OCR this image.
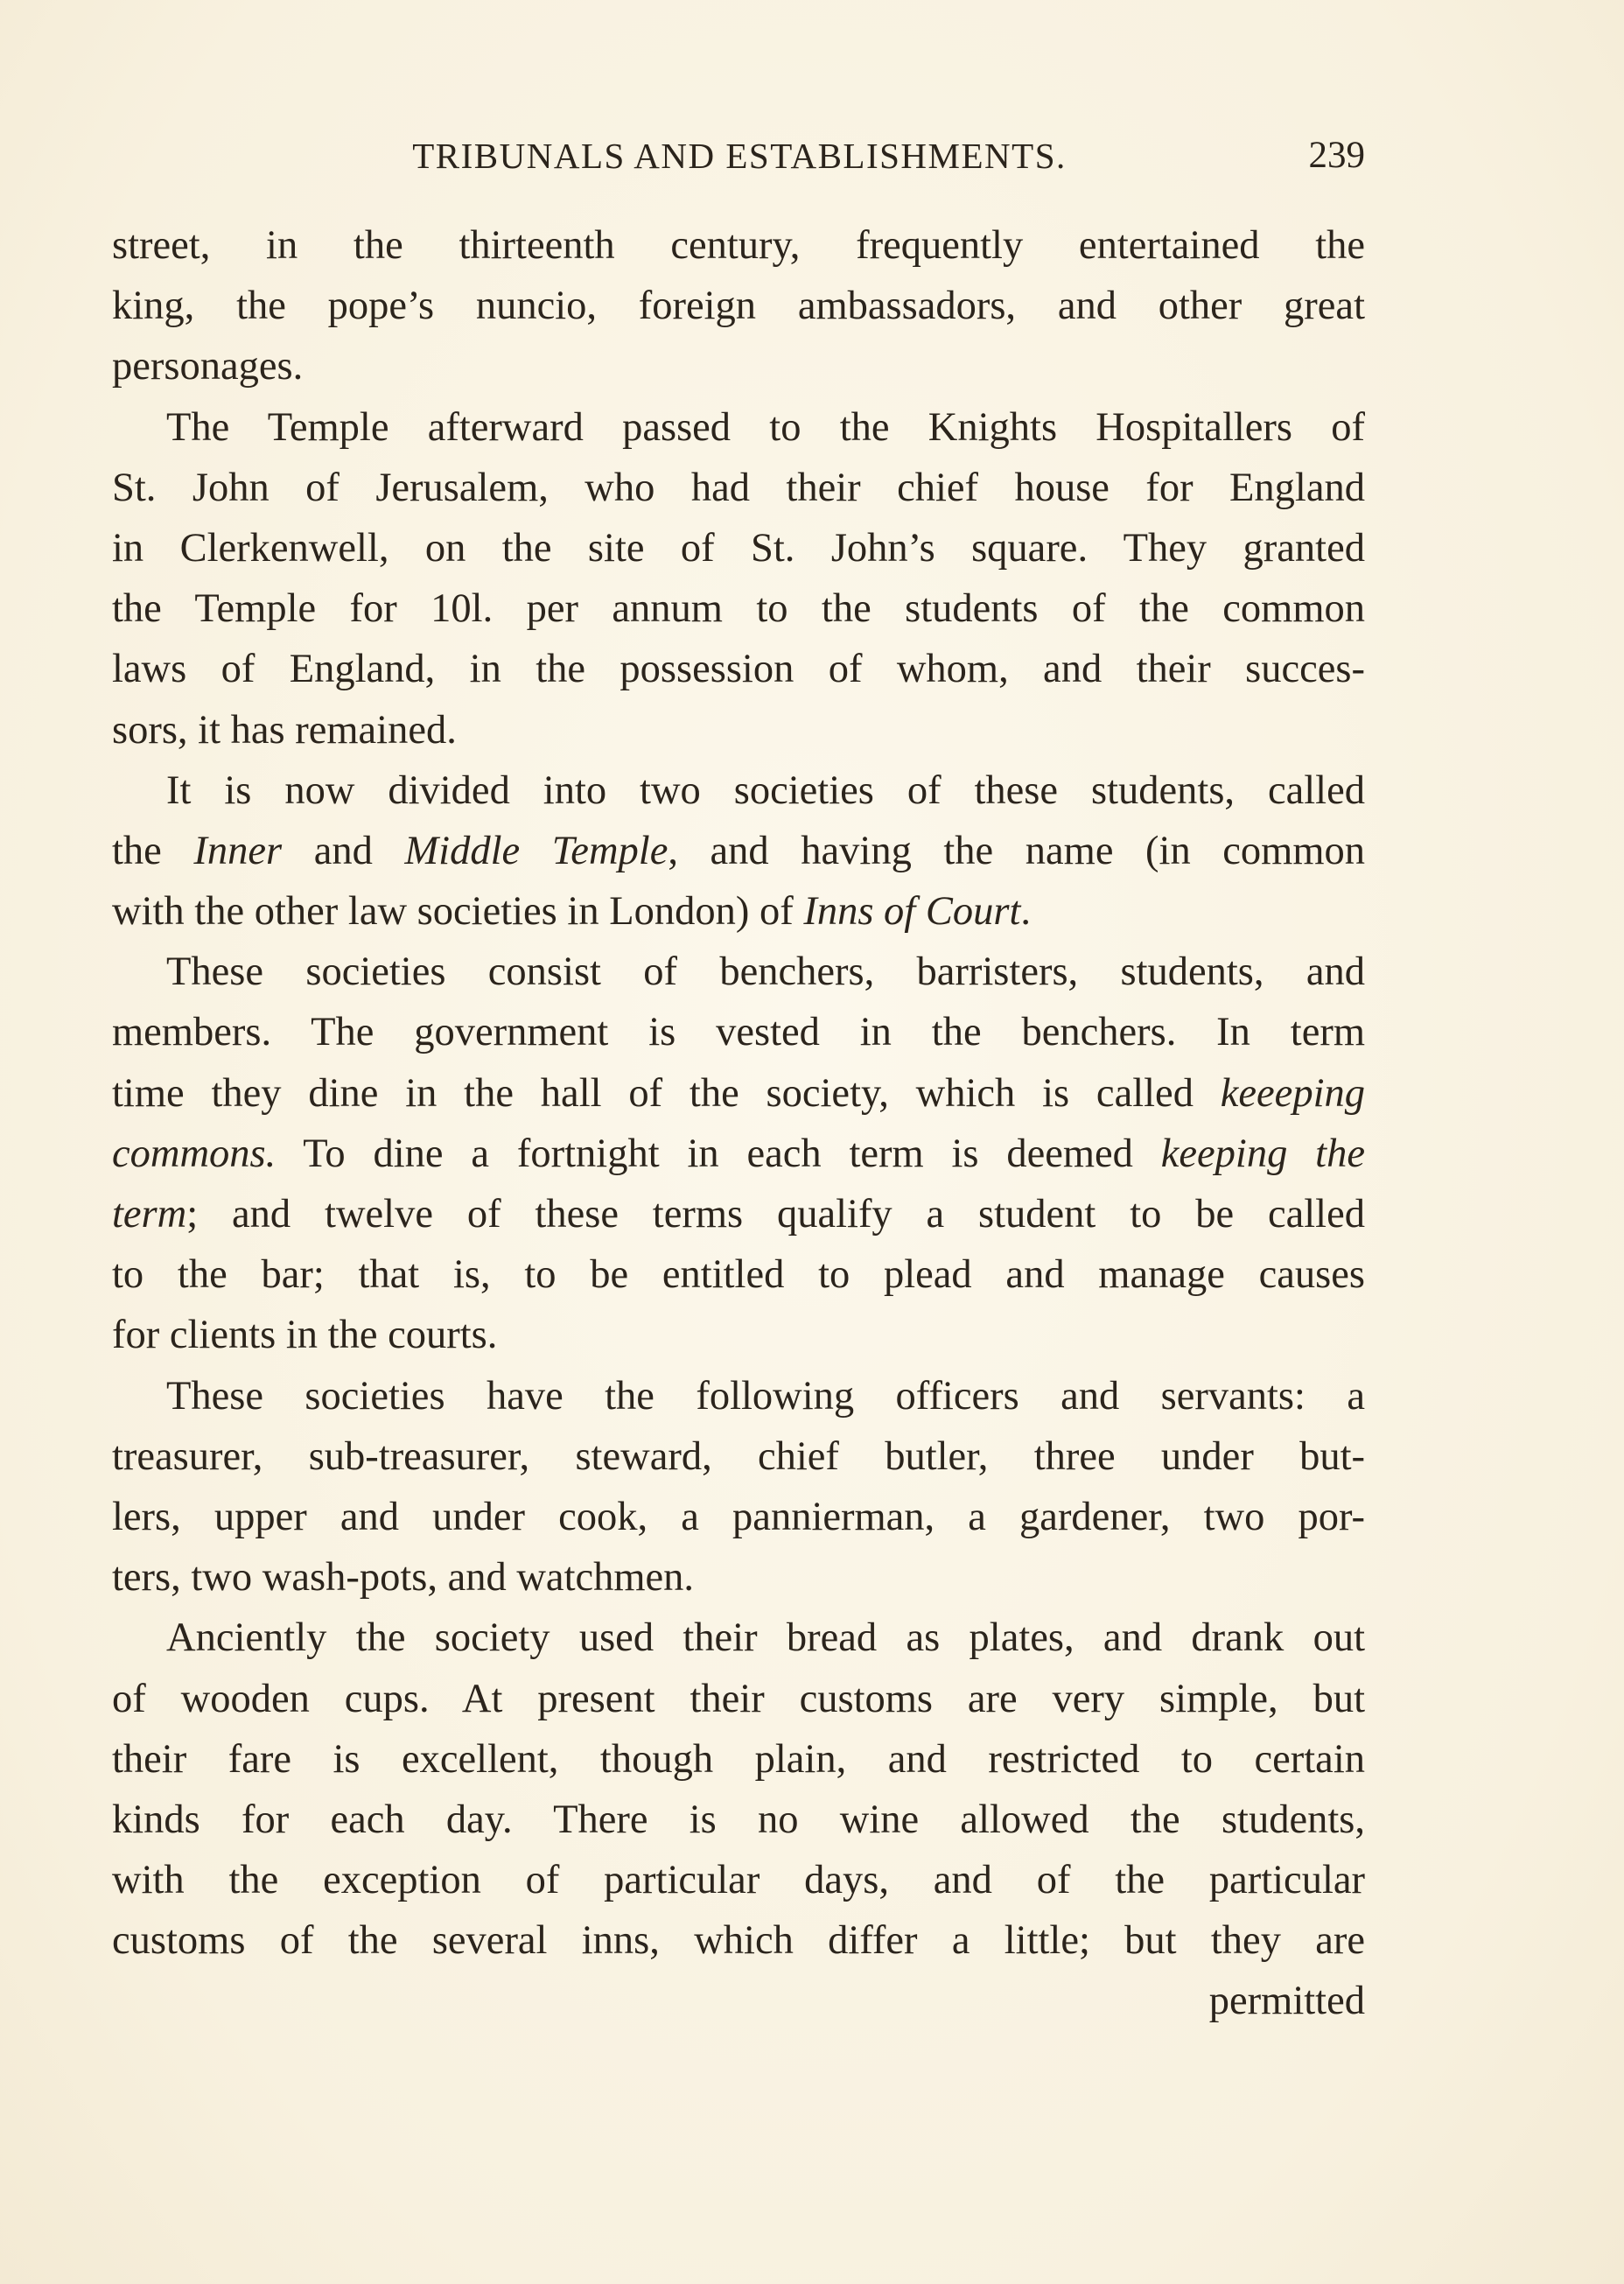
TRIBUNALS AND ESTABLISHMENTS.	239
street, in the thirteenth century, frequently entertained the
king, the pope’s nuncio, foreign ambassadors, and other great
personages.
The Temple afterward passed to the Knights Hospitallers of
St. John of Jerusalem, who had their chief house for England
in Clerkenwell, on the site of St. John’s square. They granted
the Temple for 10l. per annum to the students of the common
laws of England, in the possession of whom, and their succes-
sors, it has remained.
It is now divided into two societies of these students, called
the Inner and Middle Temple, and having the name (in common
with the other law societies in London) of Inns of Court.
These societies consist of benchers, barristers, students, and
members. The government is vested in the benchers. In term
time they dine in the hall of the society, which is called keeeping
commons. To dine a fortnight in each term is deemed keeping the
term; and twelve of these terms qualify a student to be called
to the bar; that is, to be entitled to plead and manage causes
for clients in the courts.
These societies have the following officers and servants: a
treasurer, sub-treasurer, steward, chief butler, three under but-
lers, upper and under cook, a pannierman, a gardener, two por-
ters, two wash-pots, and watchmen.
Anciently the society used their bread as plates, and drank out
of wooden cups. At present their customs are very simple, but
their fare is excellent, though plain, and restricted to certain
kinds for each day. There is no wine allowed the students,
with the exception of particular days, and of the particular
customs of the several inns, which differ a little; but they are
permitted
